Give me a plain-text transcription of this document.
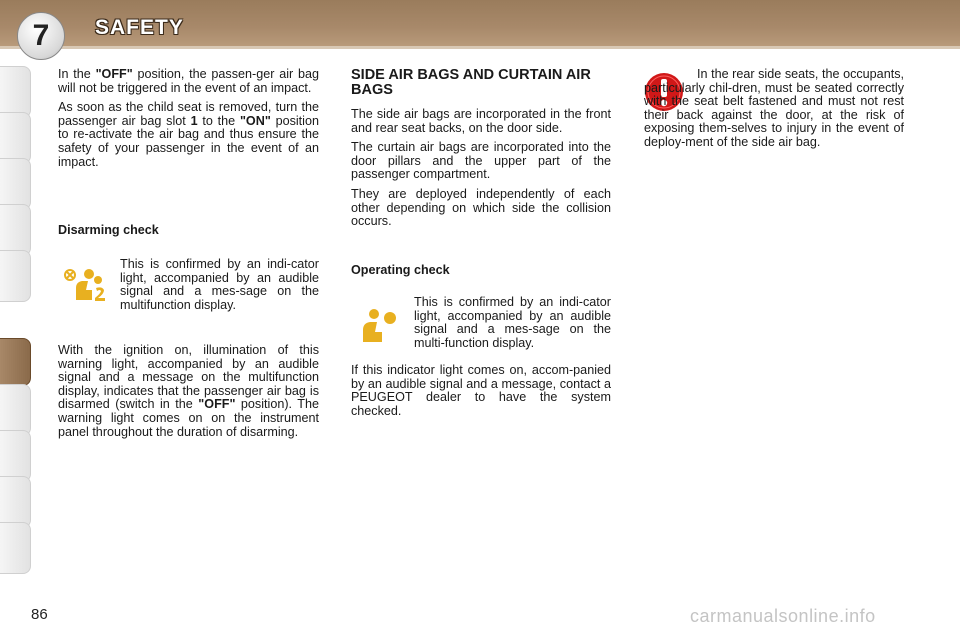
7	SAFETY

In the "OFF" position, the passen-ger air bag will not be triggered in the event of an impact.

As soon as the child seat is removed, turn the passenger air bag slot 1 to the "ON" position to re-activate the air bag and thus ensure the safety of your passenger in the event of an impact.

Disarming check
This is confirmed by an indi-cator light, accompanied by an audible signal and a mes-sage on the multifunction display.
With the ignition on, illumination of this warning light, accompanied by an audible signal and a message on the multifunction display, indicates that the passenger air bag is disarmed (switch in the "OFF" position). The warning light comes on on the instrument panel throughout the duration of disarming.
SIDE AIR BAGS AND CURTAIN AIR BAGS

The side air bags are incorporated in the front and rear seat backs, on the door side.

The curtain air bags are incorporated into the door pillars and the upper part of the passenger compartment.

They are deployed independently of each other depending on which side the collision occurs.

Operating check
This is confirmed by an indi-cator light, accompanied by an audible signal and a mes-sage on the multi-function display.
If this indicator light comes on, accom-panied by an audible signal and a message, contact a PEUGEOT dealer to have the system checked.
In the rear side seats, the occupants, particularly chil-dren, must be seated correctly with the seat belt fastened and must not rest their back against the door, at the risk of exposing them-selves to injury in the event of deploy-ment of the side air bag.
86	carmanualsonline.info
